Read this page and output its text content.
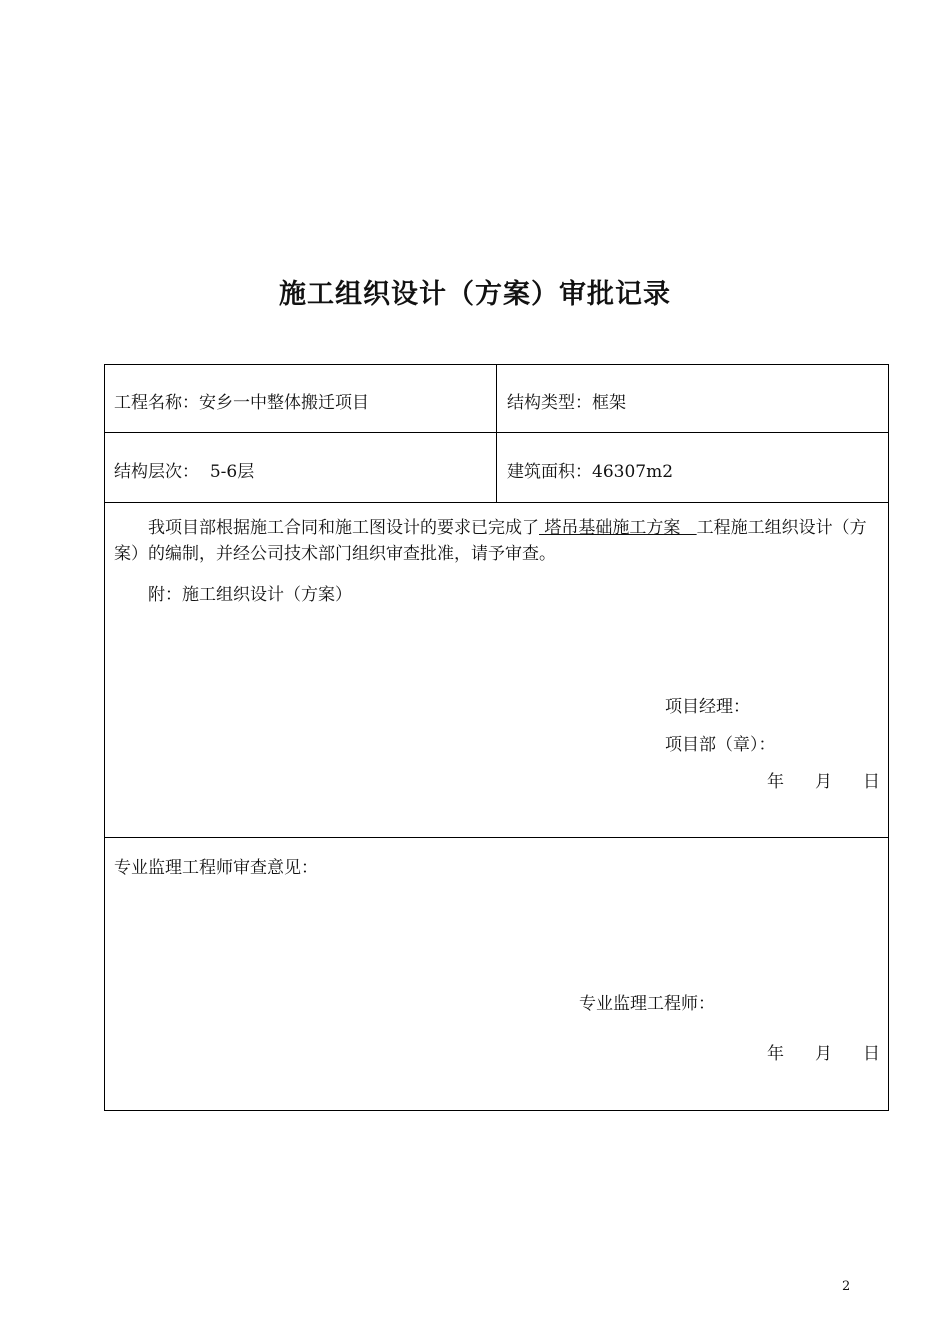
施工组织设计（方案）审批记录
工程名称：安乡一中整体搬迁项目	结构类型：框架
结构层次： 5-6层	建筑面积：46307m2
我项目部根据施工合同和施工图设计的要求已完成了 塔吊基础施工方案   工程施工组织设计（方案）的编制，并经公司技术部门组织审查批准，请予审查。
附：施工组织设计（方案）
项目经理：
项目部（章）：
年 月 日
专业监理工程师审查意见：
专业监理工程师：
年 月 日
2
